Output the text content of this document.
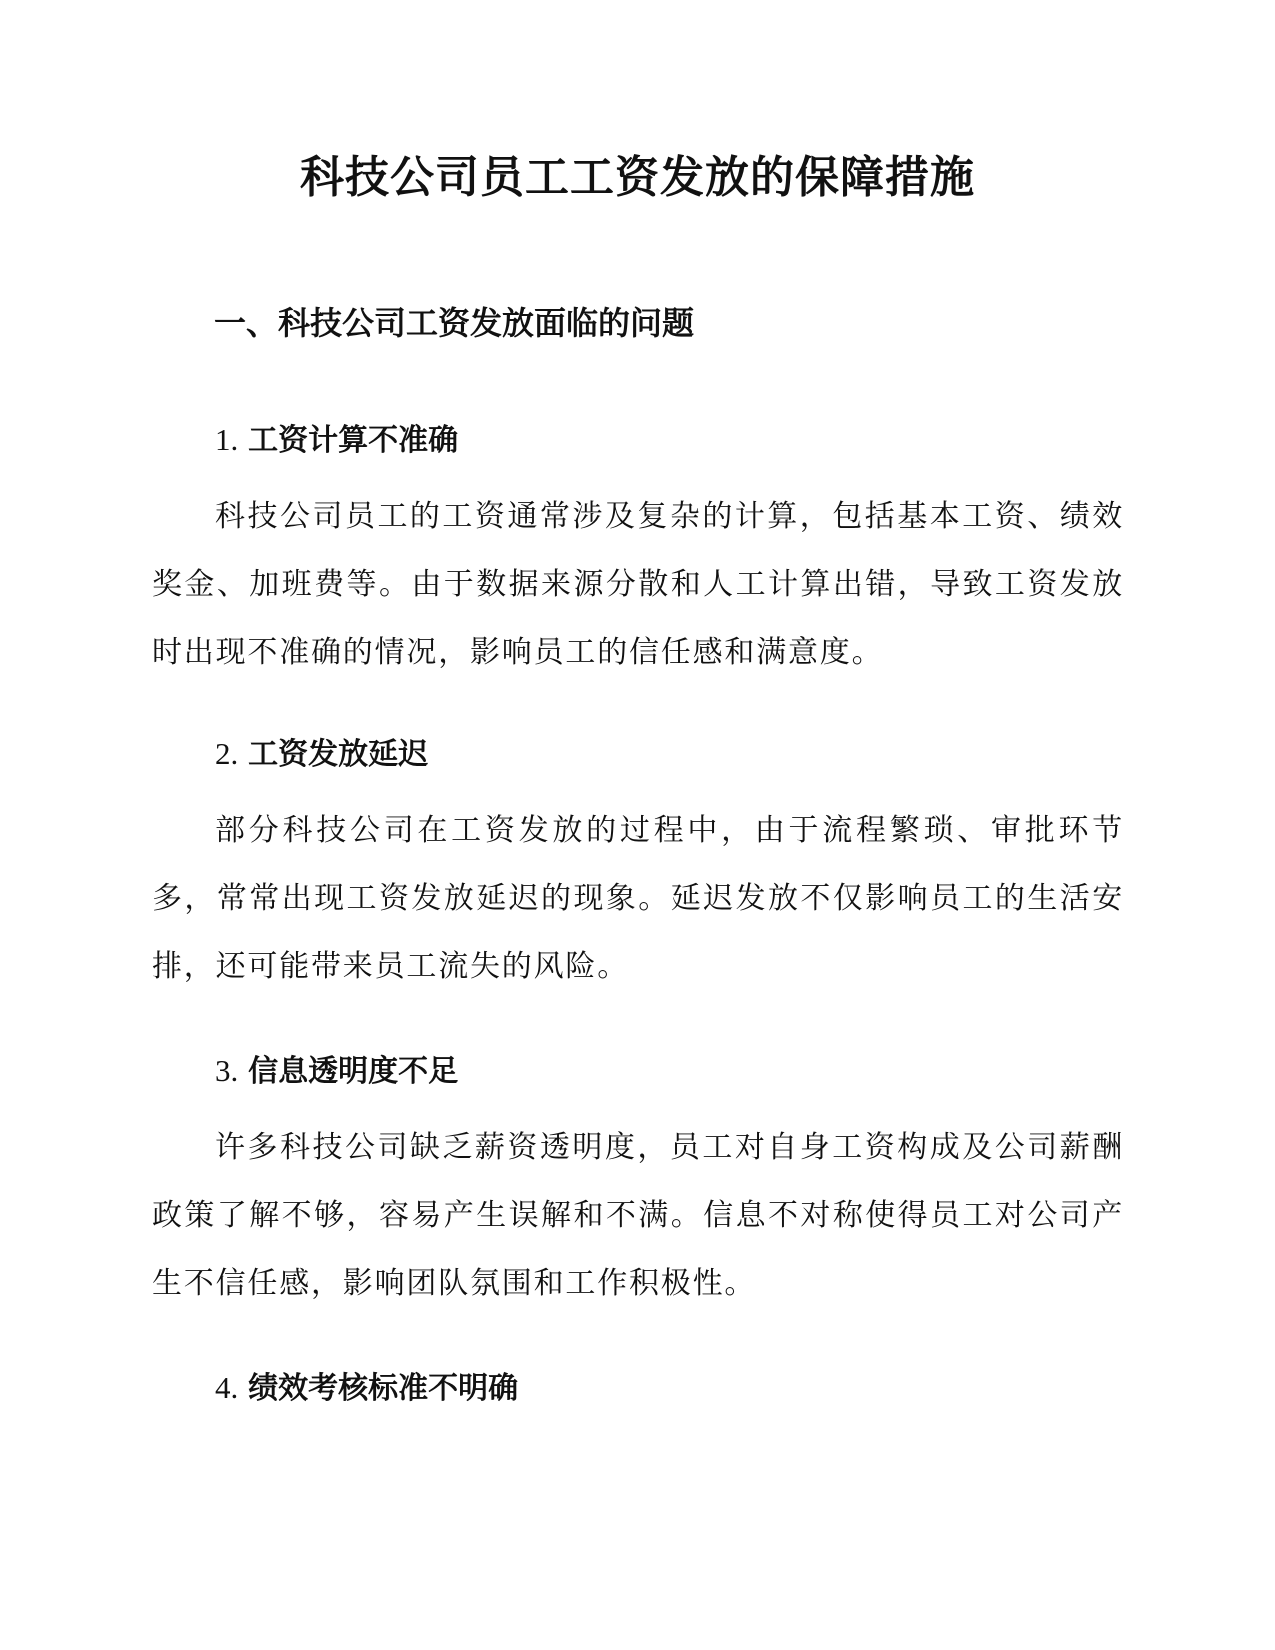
科技公司员工工资发放的保障措施
一、科技公司工资发放面临的问题
1. 工资计算不准确

科技公司员工的工资通常涉及复杂的计算，包括基本工资、绩效奖金、加班费等。由于数据来源分散和人工计算出错，导致工资发放时出现不准确的情况，影响员工的信任感和满意度。

2. 工资发放延迟

部分科技公司在工资发放的过程中，由于流程繁琐、审批环节多，常常出现工资发放延迟的现象。延迟发放不仅影响员工的生活安排，还可能带来员工流失的风险。

3. 信息透明度不足

许多科技公司缺乏薪资透明度，员工对自身工资构成及公司薪酬政策了解不够，容易产生误解和不满。信息不对称使得员工对公司产生不信任感，影响团队氛围和工作积极性。

4. 绩效考核标准不明确
